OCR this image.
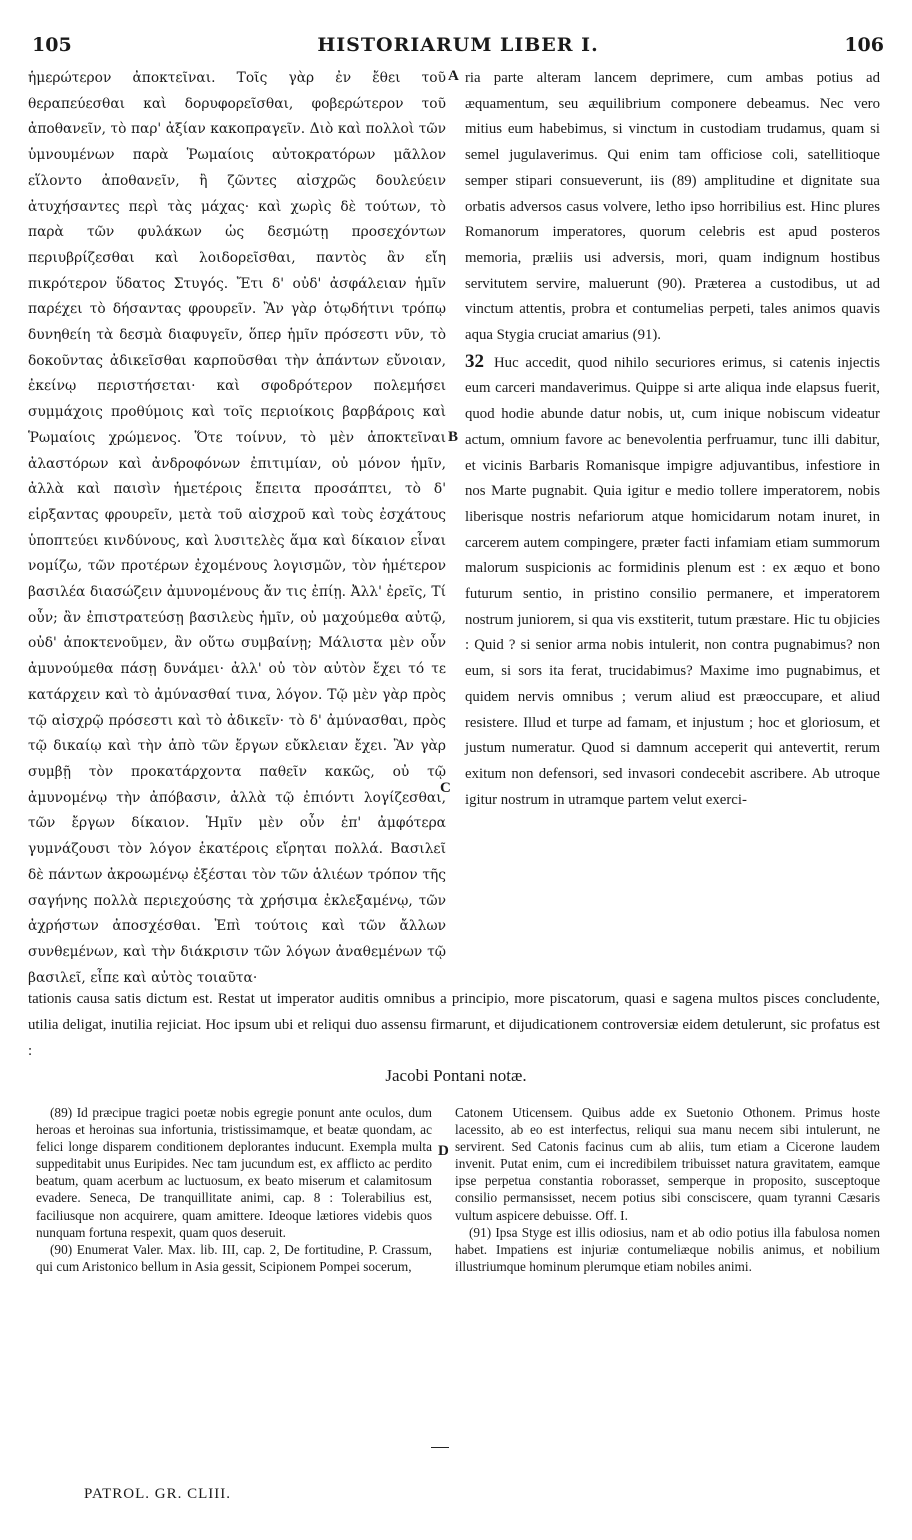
105	HISTORIARUM LIBER I.	106
ἡμερώτερον ἀποκτεῖναι. Τοῖς γὰρ ἐν ἔθει τοῦ θεραπεύεσθαι καὶ δορυφορεῖσθαι, φοβερώτερον τοῦ ἀποθανεῖν, τὸ παρ' ἀξίαν κακοπραγεῖν. Διὸ καὶ πολλοὶ τῶν ὑμνουμένων παρὰ Ῥωμαίοις αὐτοκρατόρων μᾶλλον εἵλοντο ἀποθανεῖν, ἢ ζῶντες αἰσχρῶς δουλεύειν ἀτυχήσαντες περὶ τὰς μάχας· καὶ χωρὶς δὲ τούτων, τὸ παρὰ τῶν φυλάκων ὡς δεσμώτῃ προσεχόντων περιυβρίζεσθαι καὶ λοιδορεῖσθαι, παντὸς ἂν εἴη πικρότερον ὕδατος Στυγός. Ἔτι δ' οὐδ' ἀσφάλειαν ἡμῖν παρέχει τὸ δήσαντας φρουρεῖν. Ἂν γὰρ ὁτῳδήτινι τρόπῳ δυνηθείη τὰ δεσμὰ διαφυγεῖν, ὅπερ ἡμῖν πρόσεστι νῦν, τὸ δοκοῦντας ἀδικεῖσθαι καρποῦσθαι τὴν ἁπάντων εὔνοιαν, ἐκείνῳ περιστήσεται· καὶ σφοδρότερον πολεμήσει συμμάχοις προθύμοις καὶ τοῖς περιοίκοις βαρβάροις καὶ Ῥωμαίοις χρώμενος. Ὅτε τοίνυν, τὸ μὲν ἀποκτεῖναι ἀλαστόρων καὶ ἀνδροφόνων ἐπιτιμίαν, οὐ μόνον ἡμῖν, ἀλλὰ καὶ παισὶν ἡμετέροις ἔπειτα προσάπτει, τὸ δ' εἱρξαντας φρουρεῖν, μετὰ τοῦ αἰσχροῦ καὶ τοὺς ἐσχάτους ὑποπτεύει κινδύνους, καὶ λυσιτελὲς ἅμα καὶ δίκαιον εἶναι νομίζω, τῶν προτέρων ἐχομένους λογισμῶν, τὸν ἡμέτερον βασιλέα διασώζειν ἀμυνομένους ἄν τις ἐπίῃ. Ἀλλ' ἐρεῖς, Τί οὖν; ἂν ἐπιστρατεύσῃ βασιλεὺς ἡμῖν, οὐ μαχούμεθα αὐτῷ, οὐδ' ἀποκτενοῦμεν, ἂν οὕτω συμβαίνῃ; Μάλιστα μὲν οὖν ἀμυνούμεθα πάσῃ δυνάμει· ἀλλ' οὐ τὸν αὐτὸν ἔχει τό τε κατάρχειν καὶ τὸ ἀμύνασθαί τινα, λόγον. Τῷ μὲν γὰρ πρὸς τῷ αἰσχρῷ πρόσεστι καὶ τὸ ἀδικεῖν· τὸ δ' ἀμύνασθαι, πρὸς τῷ δικαίῳ καὶ τὴν ἀπὸ τῶν ἔργων εὔκλειαν ἔχει. Ἂν γὰρ συμβῇ τὸν προκατάρχοντα παθεῖν κακῶς, οὐ τῷ ἀμυνομένῳ τὴν ἀπόβασιν, ἀλλὰ τῷ ἐπιόντι λογίζεσθαι, τῶν ἔργων δίκαιον. Ἡμῖν μὲν οὖν ἐπ' ἀμφότερα γυμνάζουσι τὸν λόγον ἑκατέροις εἴρηται πολλά. Βασιλεῖ δὲ πάντων ἀκροωμένῳ ἐξέσται τὸν τῶν ἁλιέων τρόπον τῆς σαγήνης πολλὰ περιεχούσης τὰ χρήσιμα ἐκλεξαμένῳ, τῶν ἀχρήστων ἀποσχέσθαι. Ἐπὶ τούτοις καὶ τῶν ἄλλων συνθεμένων, καὶ τὴν διάκρισιν τῶν λόγων ἀναθεμένων τῷ βασιλεῖ, εἶπε καὶ αὐτὸς τοιαῦτα·
A
B
C
D
ria parte alteram lancem deprimere, cum ambas potius ad æquamentum, seu æquilibrium componere debeamus. Nec vero mitius eum habebimus, si vinctum in custodiam trudamus, quam si semel jugulaverimus. Qui enim tam officiose coli, satellitioque semper stipari consueverunt, iis (89) amplitudine et dignitate sua orbatis adversos casus volvere, letho ipso horribilius est. Hinc plures Romanorum imperatores, quorum celebris est apud posteros memoria, præliis usi adversis, mori, quam indignum hostibus servitutem servire, maluerunt (90). Præterea a custodibus, ut ad vinctum attentis, probra et contumelias perpeti, tales animos quavis aqua Stygia cruciat amarius (91).
32 Huc accedit, quod nihilo securiores erimus, si catenis injectis eum carceri mandaverimus. Quippe si arte aliqua inde elapsus fuerit, quod hodie abunde datur nobis, ut, cum inique nobiscum videatur actum, omnium favore ac benevolentia perfruamur, tunc illi dabitur, et vicinis Barbaris Romanisque impigre adjuvantibus, infestiore in nos Marte pugnabit. Quia igitur e medio tollere imperatorem, nobis liberisque nostris nefariorum atque homicidarum notam inuret, in carcerem autem compingere, præter facti infamiam etiam summorum malorum suspicionis ac formidinis plenum est : ex æquo et bono futurum sentio, in pristino consilio permanere, et imperatorem nostrum juniorem, si qua vis exstiterit, tutum præstare. Hic tu objicies : Quid ? si senior arma nobis intulerit, non contra pugnabimus? non eum, si sors ita ferat, trucidabimus? Maxime imo pugnabimus, et quidem nervis omnibus ; verum aliud est præoccupare, et aliud resistere. Illud et turpe ad famam, et injustum ; hoc et gloriosum, et justum numeratur. Quod si damnum acceperit qui antevertit, rerum exitum non defensori, sed invasori condecebit ascribere. Ab utroque igitur nostrum in utramque partem velut exerci-
tationis causa satis dictum est. Restat ut imperator auditis omnibus a principio, more piscatorum, quasi e sagena multos pisces concludente, utilia deligat, inutilia rejiciat. Hoc ipsum ubi et reliqui duo assensu firmarunt, et dijudicationem controversiæ eidem detulerunt, sic profatus est :
Jacobi Pontani notæ.

(89) Id præcipue tragici poetæ nobis egregie ponunt ante oculos, dum heroas et heroinas sua infortunia, tristissimamque, et beatæ quondam, ac felici longe disparem conditionem deplorantes inducunt. Exempla multa suppeditabit unus Euripides. Nec tam jucundum est, ex afflicto ac perdito beatum, quam acerbum ac luctuosum, ex beato miserum et calamitosum evadere. Seneca, De tranquillitate animi, cap. 8 : Tolerabilius est, faciliusque non acquirere, quam amittere. Ideoque lætiores videbis quos nunquam fortuna respexit, quam quos deseruit.

(90) Enumerat Valer. Max. lib. III, cap. 2, De fortitudine, P. Crassum, qui cum Aristonico bellum in Asia gessit, Scipionem Pompei socerum,

Catonem Uticensem. Quibus adde ex Suetonio Othonem. Primus hoste lacessito, ab eo est interfectus, reliqui sua manu necem sibi intulerunt, ne servirent. Sed Catonis facinus cum ab aliis, tum etiam a Cicerone laudem invenit. Putat enim, cum ei incredibilem tribuisset natura gravitatem, eamque ipse perpetua constantia roborasset, semperque in proposito, susceptoque consilio permansisset, necem potius sibi consciscere, quam tyranni Cæsaris vultum aspicere debuisse. Off. I.

(91) Ipsa Styge est illis odiosius, nam et ab odio potius illa fabulosa nomen habet. Impatiens est injuriæ contumeliæque nobilis animus, et nobilium illustriumque hominum plerumque etiam nobiles animi.

PATROL. GR. CLIII.
